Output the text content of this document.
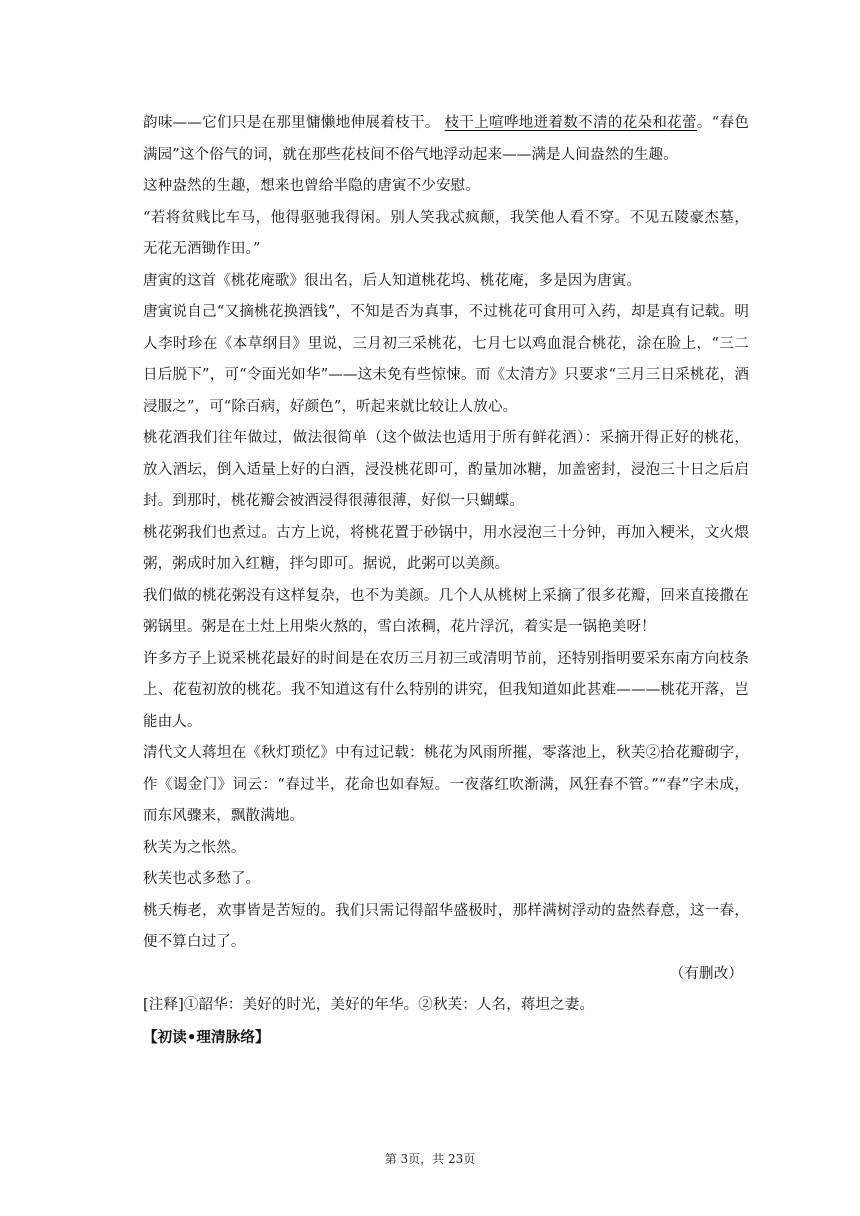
韵味——它们只是在那里慵懒地伸展着枝干。 枝干上喧哗地迸着数不清的花朵和花蕾。“春色满园”这个俗气的词，就在那些花枝间不俗气地浮动起来——满是人间盎然的生趣。

这种盎然的生趣，想来也曾给半隐的唐寅不少安慰。

“若将贫贱比车马，他得驱驰我得闲。别人笑我忒疯颠，我笑他人看不穿。不见五陵豪杰墓，无花无酒锄作田。”

唐寅的这首《桃花庵歌》很出名，后人知道桃花坞、桃花庵，多是因为唐寅。

唐寅说自己“又摘桃花换酒钱”，不知是否为真事，不过桃花可食用可入药，却是真有记载。明人李时珍在《本草纲目》里说，三月初三采桃花，七月七以鸡血混合桃花，涂在脸上，“三二日后脱下”，可“令面光如华”——这未免有些惊悚。而《太清方》只要求“三月三日采桃花，酒浸服之”，可“除百病，好颜色”，听起来就比较让人放心。

桃花酒我们往年做过，做法很简单（这个做法也适用于所有鲜花酒）：采摘开得正好的桃花，放入酒坛，倒入适量上好的白酒，浸没桃花即可，酌量加冰糖，加盖密封，浸泡三十日之后启封。到那时，桃花瓣会被酒浸得很薄很薄，好似一只蝴蝶。

桃花粥我们也煮过。古方上说，将桃花置于砂锅中，用水浸泡三十分钟，再加入粳米，文火煨粥，粥成时加入红糖，拌匀即可。据说，此粥可以美颜。

我们做的桃花粥没有这样复杂，也不为美颜。几个人从桃树上采摘了很多花瓣，回来直接撒在粥锅里。粥是在土灶上用柴火熬的，雪白浓稠，花片浮沉，着实是一锅艳美呀！

许多方子上说采桃花最好的时间是在农历三月初三或清明节前，还特别指明要采东南方向枝条上、花苞初放的桃花。我不知道这有什么特别的讲究，但我知道如此甚难———桃花开落，岂能由人。

清代文人蒋坦在《秋灯琐忆》中有过记载：桃花为风雨所摧，零落池上，秋芙②拾花瓣砌字，作《谒金门》词云：“春过半，花命也如春短。一夜落红吹渐满，风狂春不管。”“春”字未成，而东风骤来，飘散满地。

秋芙为之怅然。

秋芙也忒多愁了。

桃夭梅老，欢事皆是苦短的。我们只需记得韶华盛极时，那样满树浮动的盎然春意，这一春，便不算白过了。

（有删改）

[注释]①韶华：美好的时光，美好的年华。②秋芙：人名，蒋坦之妻。

【初读•理清脉络】

第 3页，共 23页
